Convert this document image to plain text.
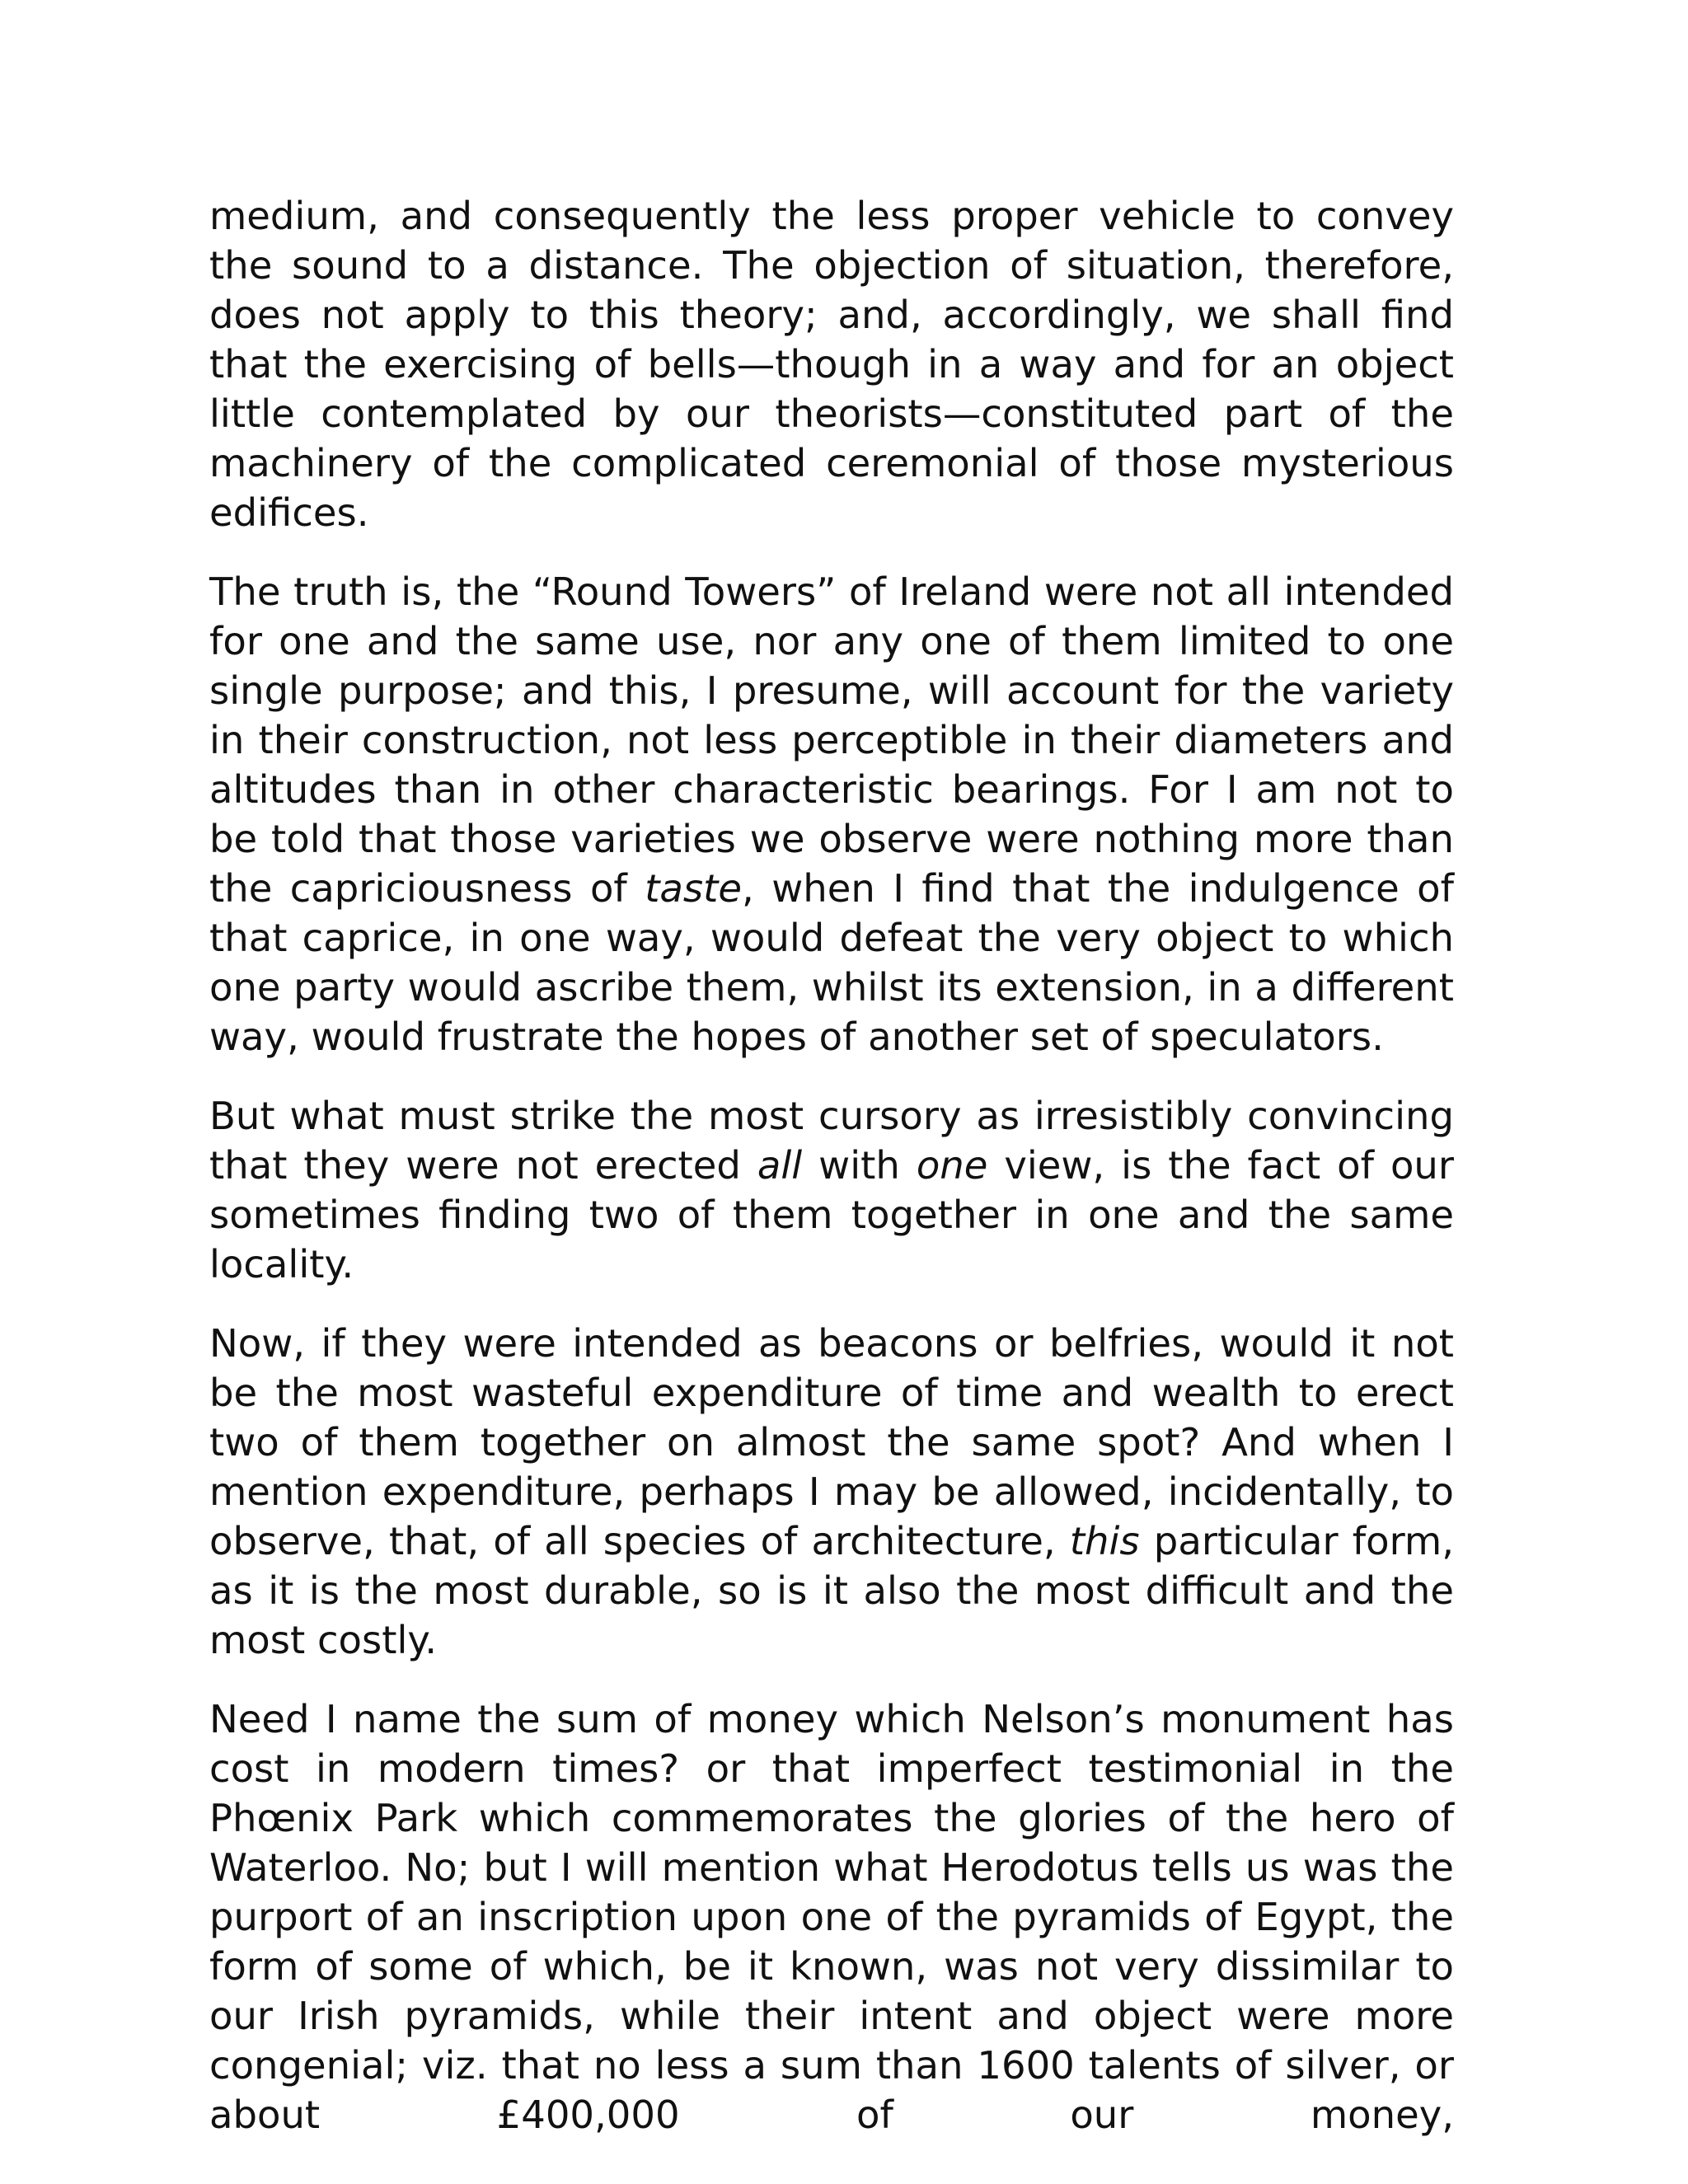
medium, and consequently the less proper vehicle to convey the sound to a distance. The objection of situation, therefore, does not apply to this theory; and, accordingly, we shall find that the exercising of bells—though in a way and for an object little contemplated by our theorists—constituted part of the machinery of the complicated ceremonial of those mysterious edifices.

The truth is, the “Round Towers” of Ireland were not all intended for one and the same use, nor any one of them limited to one single purpose; and this, I presume, will account for the variety in their construction, not less perceptible in their diameters and altitudes than in other characteristic bearings. For I am not to be told that those varieties we observe were nothing more than the capriciousness of taste, when I find that the indulgence of that caprice, in one way, would defeat the very object to which one party would ascribe them, whilst its extension, in a different way, would frustrate the hopes of another set of speculators.

But what must strike the most cursory as irresistibly convincing that they were not erected all with one view, is the fact of our sometimes finding two of them together in one and the same locality.

Now, if they were intended as beacons or belfries, would it not be the most wasteful expenditure of time and wealth to erect two of them together on almost the same spot? And when I mention expenditure, perhaps I may be allowed, incidentally, to observe, that, of all species of architecture, this particular form, as it is the most durable, so is it also the most difficult and the most costly.

Need I name the sum of money which Nelson’s monument has cost in modern times? or that imperfect testimonial in the Phœnix Park which commemorates the glories of the hero of Waterloo. No; but I will mention what Herodotus tells us was the purport of an inscription upon one of the pyramids of Egypt, the form of some of which, be it known, was not very dissimilar to our Irish pyramids, while their intent and object were more congenial; viz. that no less a sum than 1600 talents of silver, or about £400,000 of our money,
